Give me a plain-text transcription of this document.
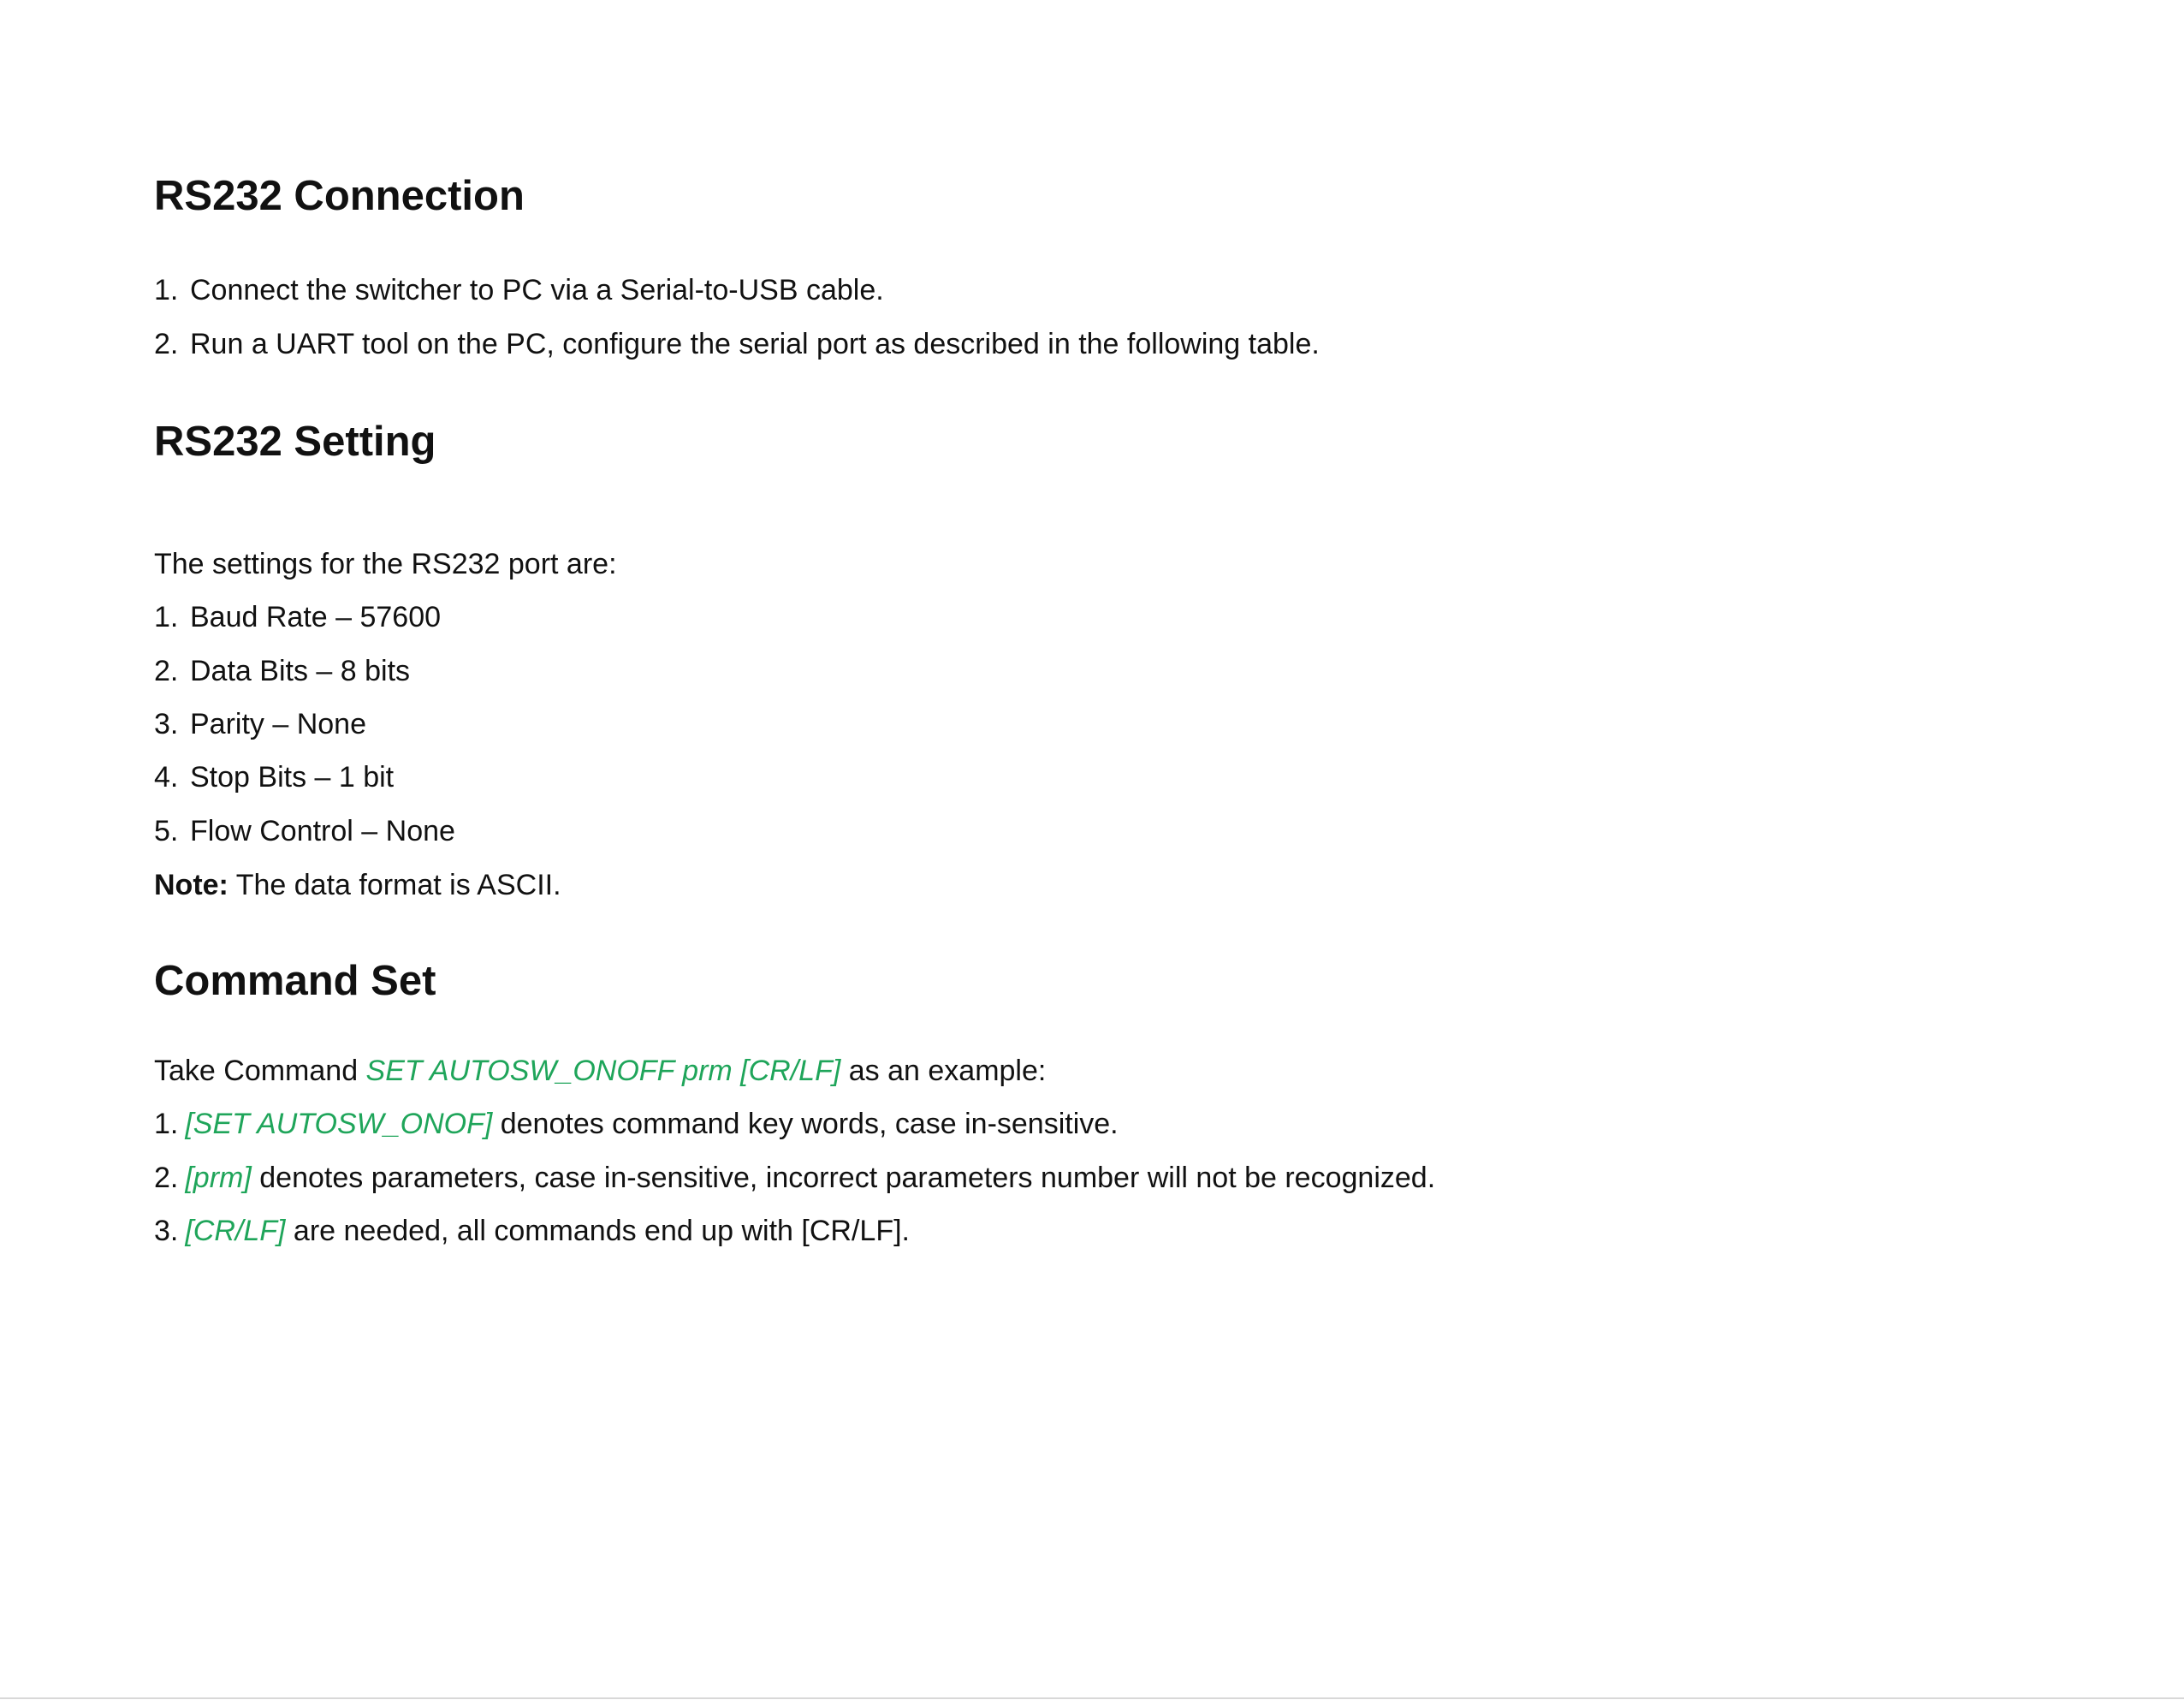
RS232 Connection

1. Connect the switcher to PC via a Serial-to-USB cable.

2. Run a UART tool on the PC, configure the serial port as described in the following table.

RS232 Setting

The settings for the RS232 port are:

1. Baud Rate – 57600

2. Data Bits – 8 bits

3. Parity – None

4. Stop Bits – 1 bit

5. Flow Control – None

Note: The data format is ASCII.

Command Set

Take Command SET AUTOSW_ONOFF prm [CR/LF] as an example:

1. [SET AUTOSW_ONOF] denotes command key words, case in-sensitive.

2. [prm] denotes parameters, case in-sensitive, incorrect parameters number will not be recognized.

3. [CR/LF] are needed, all commands end up with [CR/LF].
